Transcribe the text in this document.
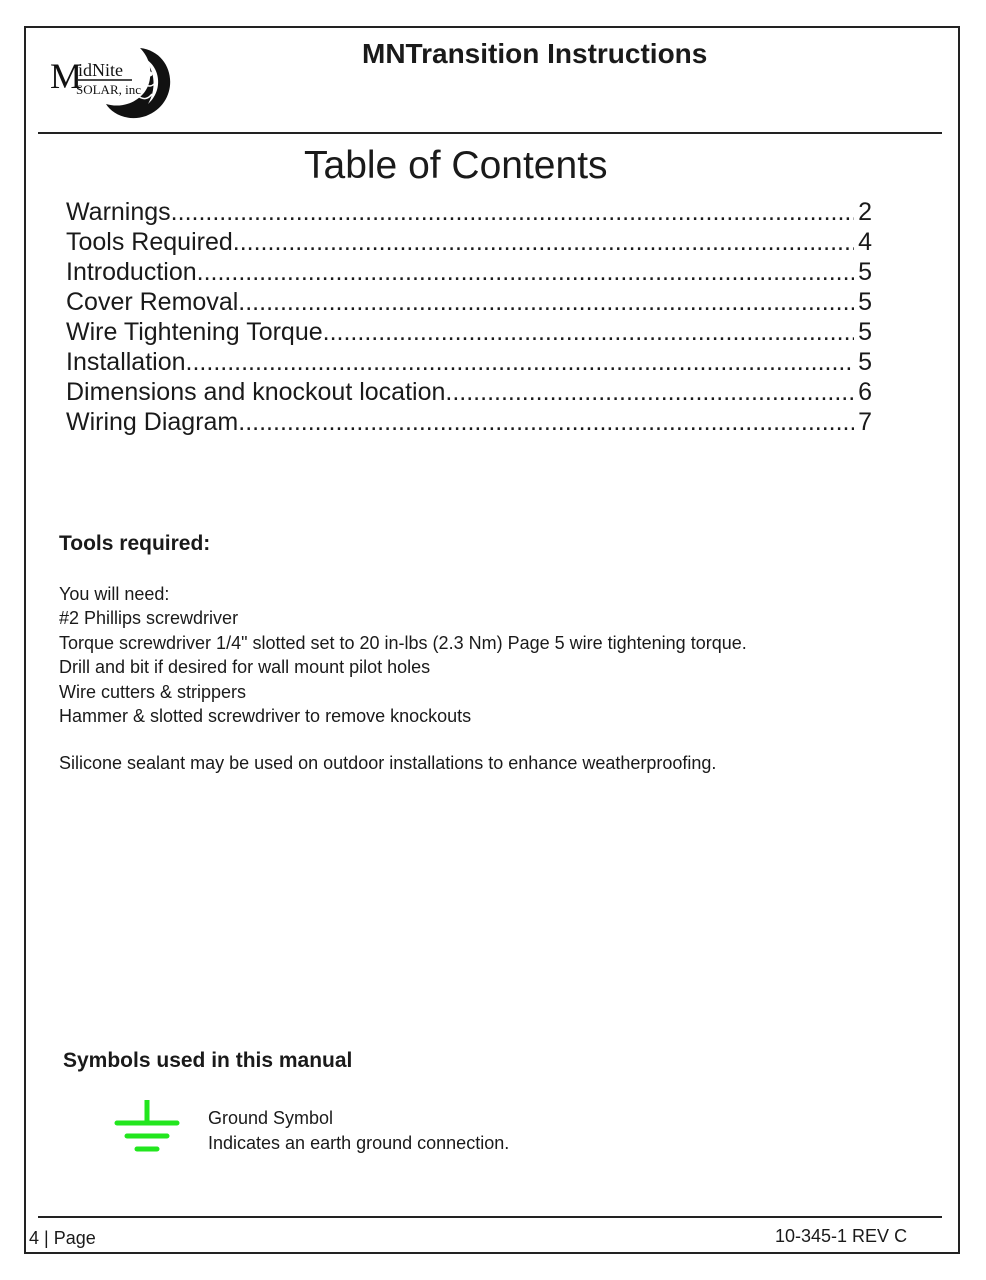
M
idNite
SOLAR, inc
MNTransition Instructions
Table of Contents
Warnings .....	2
Tools Required .....	4
Introduction .....	5
Cover Removal .....	5
Wire Tightening Torque .....	5
Installation .....	5
Dimensions and knockout location .....	6
Wiring Diagram .....	7
Tools required:
You will need:
#2 Phillips screwdriver
Torque screwdriver 1/4" slotted set to 20 in-lbs (2.3 Nm) Page 5 wire tightening torque.
Drill and bit if desired for wall mount pilot holes
Wire cutters & strippers
Hammer & slotted screwdriver to remove knockouts
Silicone sealant may be used on outdoor installations to enhance weatherproofing.
Symbols used in this manual
Ground Symbol
Indicates an earth ground connection.
4 | Page	10-345-1 REV C
